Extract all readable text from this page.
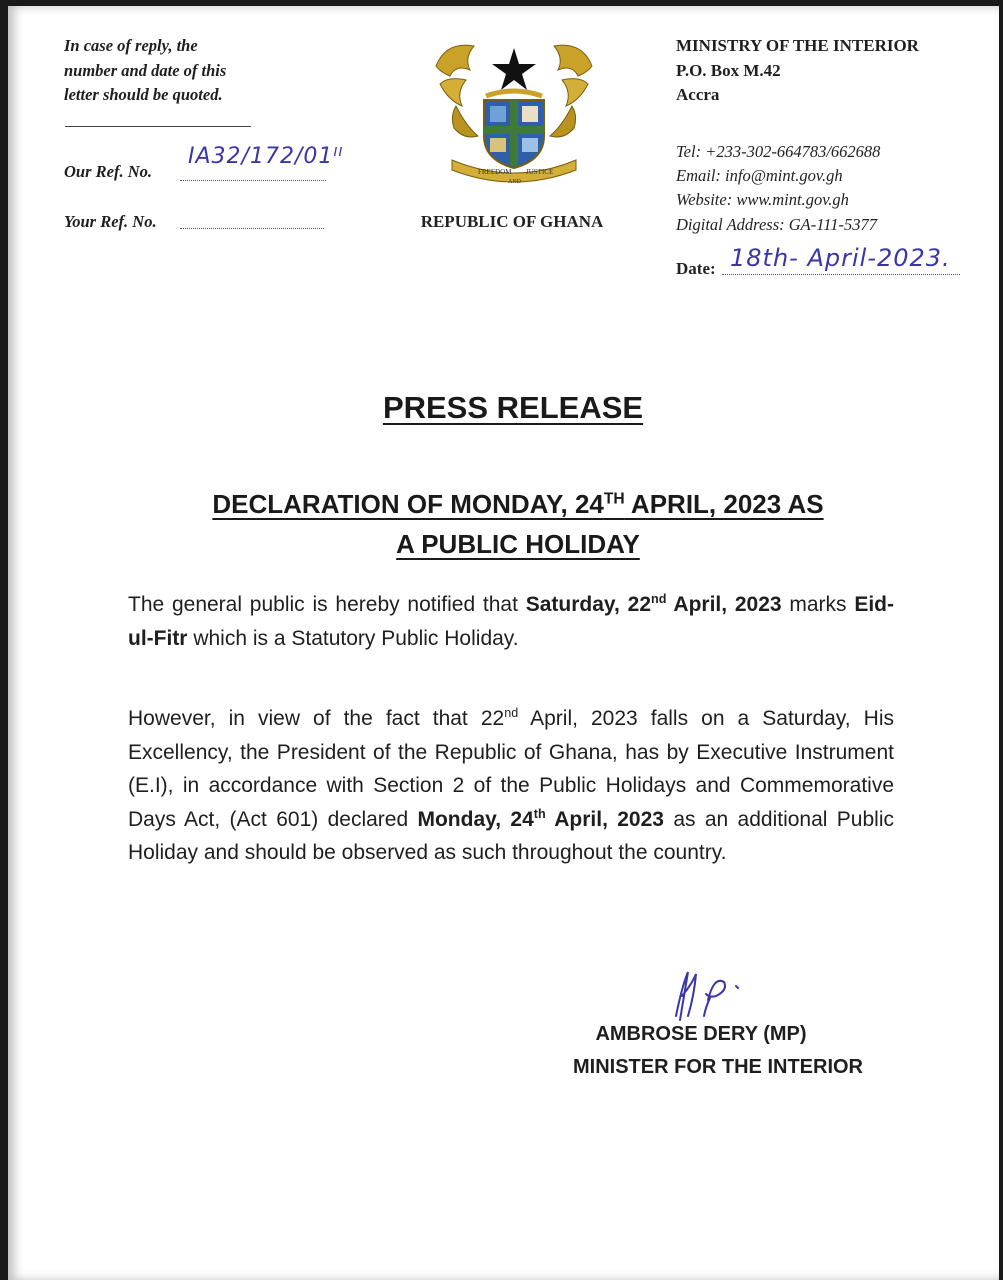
In case of reply, the
number and date of this
letter should be quoted.
Our Ref. No.
IA32/172/01ᴵᴵ
Your Ref. No.
FREEDOM
AND
JUSTICE
REPUBLIC OF GHANA
MINISTRY OF THE INTERIOR
P.O. Box M.42
Accra
Tel: +233-302-664783/662688
Email: info@mint.gov.gh
Website: www.mint.gov.gh
Digital Address: GA-111-5377
Date: 18th- April-2023.
PRESS RELEASE
DECLARATION OF MONDAY, 24TH APRIL, 2023 AS
A PUBLIC HOLIDAY
The general public is hereby notified that Saturday, 22nd April, 2023 marks Eid-ul-Fitr which is a Statutory Public Holiday.
However, in view of the fact that 22nd April, 2023 falls on a Saturday, His Excellency, the President of the Republic of Ghana, has by Executive Instrument (E.I), in accordance with Section 2 of the Public Holidays and Commemorative Days Act, (Act 601) declared Monday, 24th April, 2023 as an additional Public Holiday and should be observed as such throughout the country.
AMBROSE DERY (MP)
MINISTER FOR THE INTERIOR
